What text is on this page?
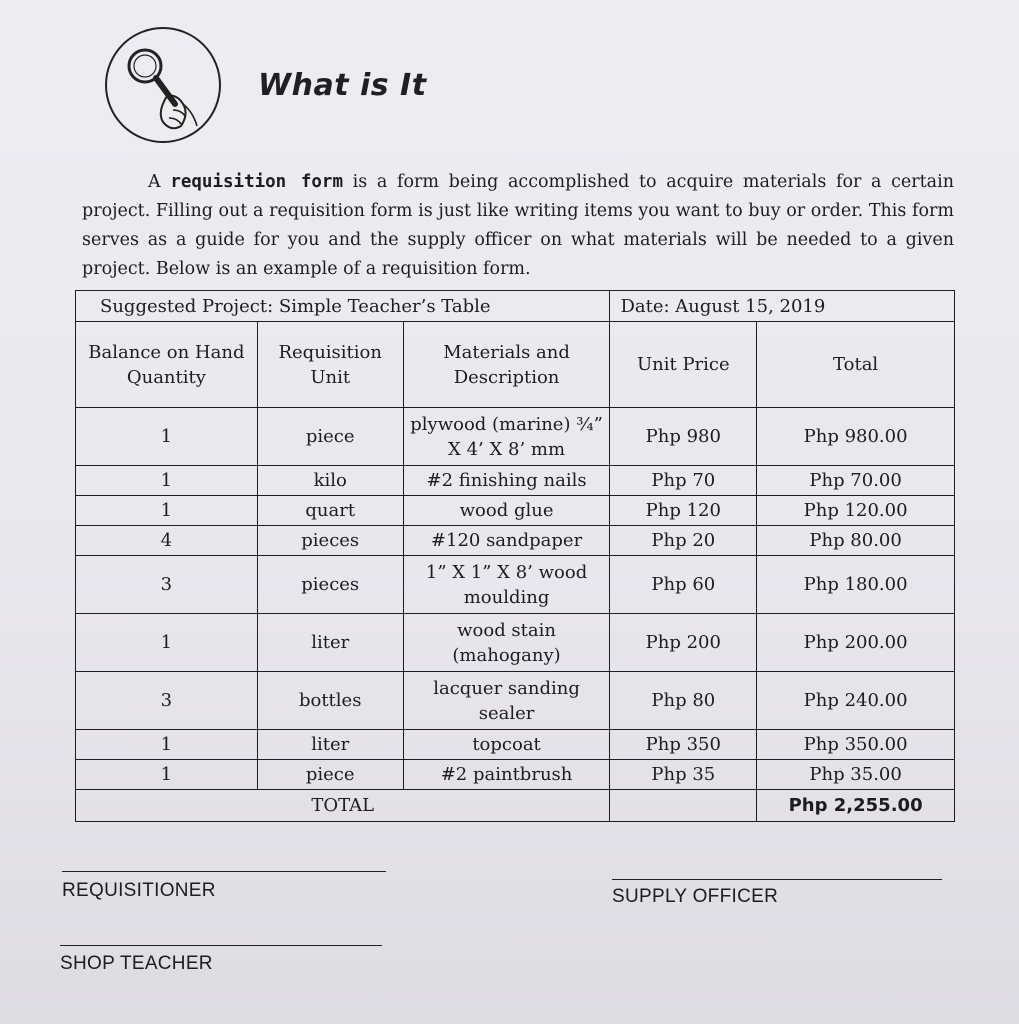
What is It

A requisition form is a form being accomplished to acquire materials for a certain project. Filling out a requisition form is just like writing items you want to buy or order. This form serves as a guide for you and the supply officer on what materials will be needed to a given project. Below is an example of a requisition form.

Suggested Project: Simple Teacher’s Table			Date: August 15, 2019	
Balance on Hand Quantity	Requisition Unit	Materials and Description	Unit Price	Total
1	piece	plywood (marine) ¾” X 4’ X 8’ mm	Php 980	Php 980.00
1	kilo	#2 finishing nails	Php 70	Php 70.00
1	quart	wood glue	Php 120	Php 120.00
4	pieces	#120 sandpaper	Php 20	Php 80.00
3	pieces	1” X 1” X 8’ wood moulding	Php 60	Php 180.00
1	liter	wood stain (mahogany)	Php 200	Php 200.00
3	bottles	lacquer sanding sealer	Php 80	Php 240.00
1	liter	topcoat	Php 350	Php 350.00
1	piece	#2 paintbrush	Php 35	Php 35.00
TOTAL				Php 2,255.00
REQUISITIONER	SUPPLY OFFICER
SHOP TEACHER
